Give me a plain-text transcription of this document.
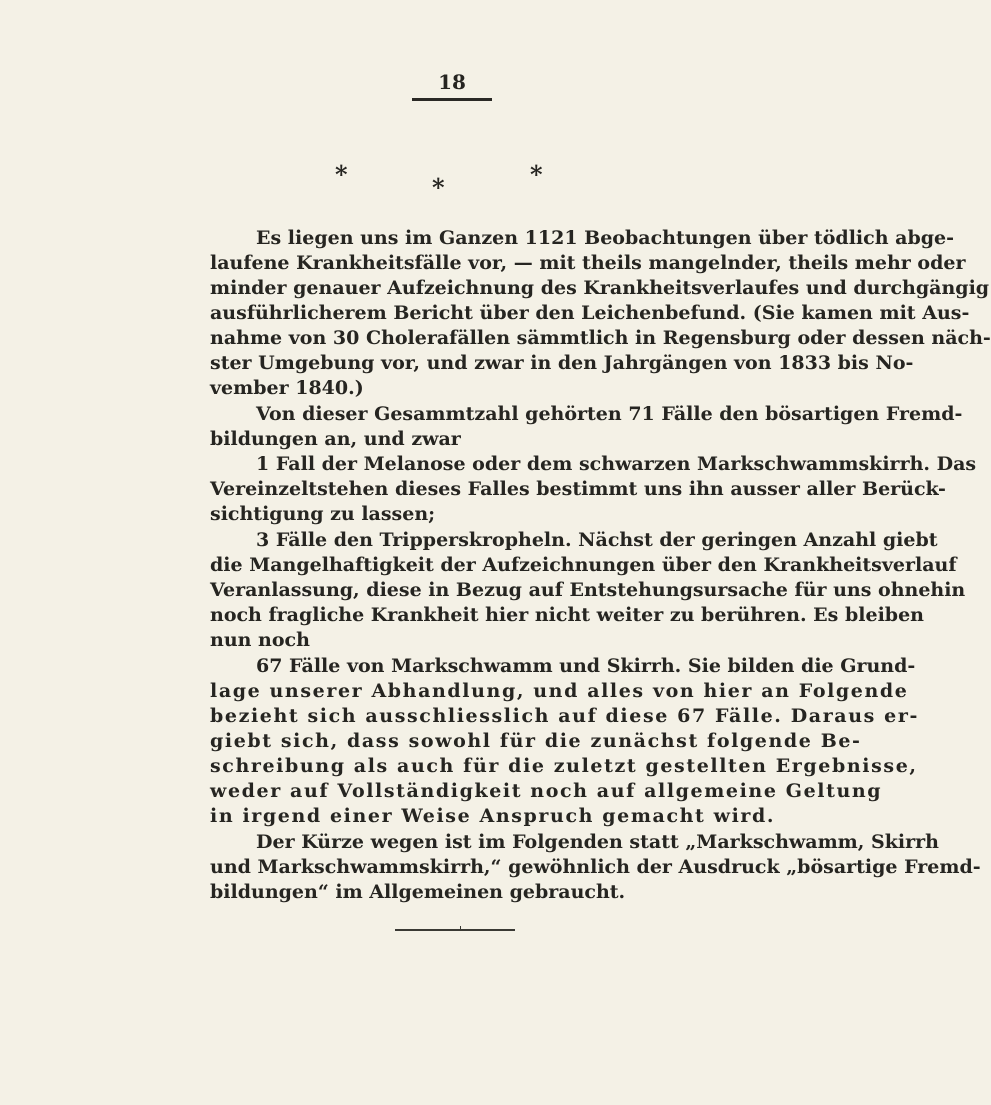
18
*	*	*
Es liegen uns im Ganzen 1121 Beobachtungen über tödlich abge-
laufene Krankheitsfälle vor, — mit theils mangelnder, theils mehr oder
minder genauer Aufzeichnung des Krankheitsverlaufes und durchgängig
ausführlicherem Bericht über den Leichenbefund. (Sie kamen mit Aus-
nahme von 30 Cholerafällen sämmtlich in Regensburg oder dessen näch-
ster Umgebung vor, und zwar in den Jahrgängen von 1833 bis No-
vember 1840.)
Von dieser Gesammtzahl gehörten 71 Fälle den bösartigen Fremd-
bildungen an, und zwar
1 Fall der Melanose oder dem schwarzen Markschwammskirrh. Das
Vereinzeltstehen dieses Falles bestimmt uns ihn ausser aller Berück-
sichtigung zu lassen;
3 Fälle den Tripperskropheln. Nächst der geringen Anzahl giebt
die Mangelhaftigkeit der Aufzeichnungen über den Krankheitsverlauf
Veranlassung, diese in Bezug auf Entstehungsursache für uns ohnehin
noch fragliche Krankheit hier nicht weiter zu berühren. Es bleiben
nun noch
67 Fälle von Markschwamm und Skirrh. Sie bilden die Grund-
lage unserer Abhandlung, und alles von hier an Folgende
bezieht sich ausschliesslich auf diese 67 Fälle. Daraus er-
giebt sich, dass sowohl für die zunächst folgende Be-
schreibung als auch für die zuletzt gestellten Ergebnisse,
weder auf Vollständigkeit noch auf allgemeine Geltung
in irgend einer Weise Anspruch gemacht wird.
Der Kürze wegen ist im Folgenden statt „Markschwamm, Skirrh
und Markschwammskirrh,“ gewöhnlich der Ausdruck „bösartige Fremd-
bildungen“ im Allgemeinen gebraucht.
